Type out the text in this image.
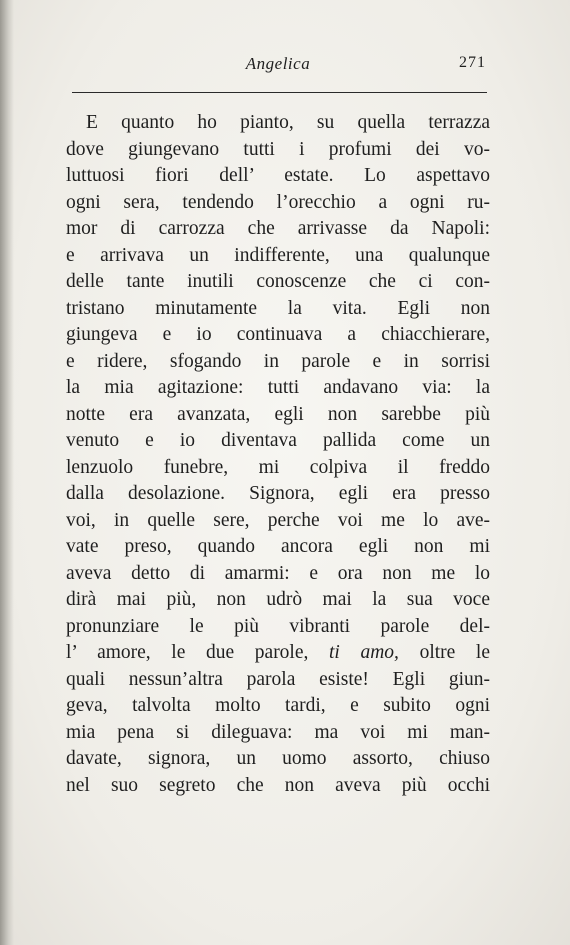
Angelica	271
E quanto ho pianto, su quella terrazza
dove giungevano tutti i profumi dei vo-
luttuosi fiori dell’ estate. Lo aspettavo
ogni sera, tendendo l’orecchio a ogni ru-
mor di carrozza che arrivasse da Napoli:
e arrivava un indifferente, una qualunque
delle tante inutili conoscenze che ci con-
tristano minutamente la vita. Egli non
giungeva e io continuava a chiacchierare,
e ridere, sfogando in parole e in sorrisi
la mia agitazione: tutti andavano via: la
notte era avanzata, egli non sarebbe più
venuto e io diventava pallida come un
lenzuolo funebre, mi colpiva il freddo
dalla desolazione. Signora, egli era presso
voi, in quelle sere, perche voi me lo ave-
vate preso, quando ancora egli non mi
aveva detto di amarmi: e ora non me lo
dirà mai più, non udrò mai la sua voce
pronunziare le più vibranti parole del-
l’ amore, le due parole, ti amo, oltre le
quali nessun’altra parola esiste! Egli giun-
geva, talvolta molto tardi, e subito ogni
mia pena si dileguava: ma voi mi man-
davate, signora, un uomo assorto, chiuso
nel suo segreto che non aveva più occhi
